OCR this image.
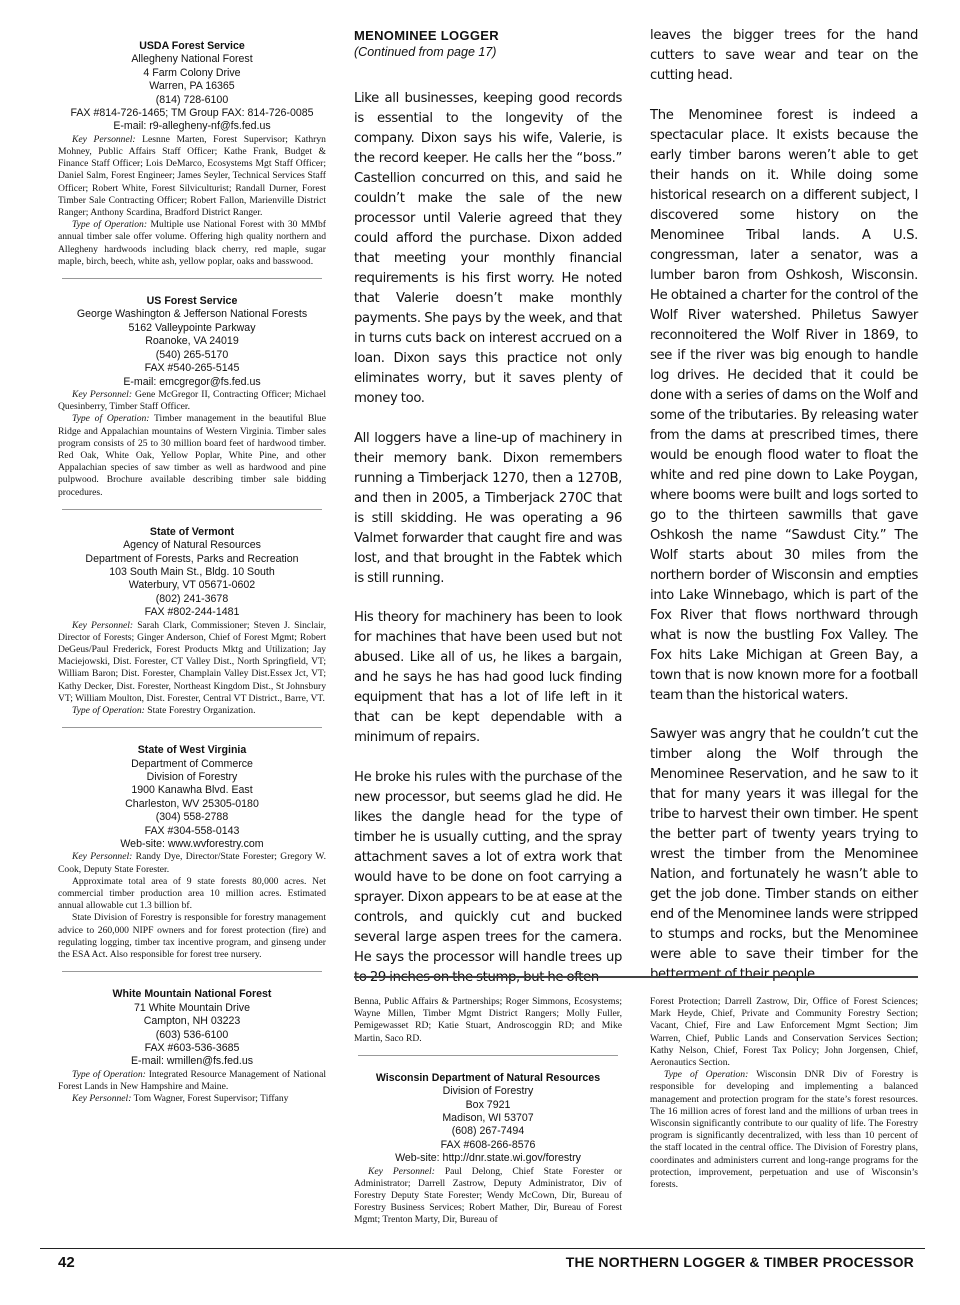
USDA Forest Service
Allegheny National Forest
4 Farm Colony Drive
Warren, PA 16365
(814) 728-6100
FAX #814-726-1465; TM Group FAX: 814-726-0085
E-mail: r9-allegheny-nf@fs.fed.us

Key Personnel: Lesnne Marten, Forest Supervisor; Kathryn Mohney, Public Affairs Staff Officer; Kathe Frank, Budget & Finance Staff Officer; Lois DeMarco, Ecosystems Mgt Staff Officer; Daniel Salm, Forest Engineer; James Seyler, Technical Services Staff Officer; Robert White, Forest Silviculturist; Randall Durner, Forest Timber Sale Contracting Officer; Robert Fallon, Marienville District Ranger; Anthony Scardina, Bradford District Ranger.

Type of Operation: Multiple use National Forest with 30 MMbf annual timber sale offer volume. Offering high quality northern and Allegheny hardwoods including black cherry, red maple, sugar maple, birch, beech, white ash, yellow poplar, oaks and basswood.

US Forest Service
George Washington & Jefferson National Forests
5162 Valleypointe Parkway
Roanoke, VA 24019
(540) 265-5170
FAX #540-265-5145
E-mail: emcgregor@fs.fed.us

Key Personnel: Gene McGregor II, Contracting Officer; Michael Quesinberry, Timber Staff Officer.

Type of Operation: Timber management in the beautiful Blue Ridge and Appalachian mountains of Western Virginia. Timber sales program consists of 25 to 30 million board feet of hardwood timber. Red Oak, White Oak, Yellow Poplar, White Pine, and other Appalachian species of saw timber as well as hardwood and pine pulpwood. Brochure available describing timber sale bidding procedures.

State of Vermont
Agency of Natural Resources
Department of Forests, Parks and Recreation
103 South Main St., Bldg. 10 South
Waterbury, VT 05671-0602
(802) 241-3678
FAX #802-244-1481

Key Personnel: Sarah Clark, Commissioner; Steven J. Sinclair, Director of Forests; Ginger Anderson, Chief of Forest Mgmt; Robert DeGeus/Paul Frederick, Forest Products Mktg and Utilization; Jay Maciejowski, Dist. Forester, CT Valley Dist., North Springfield, VT; William Baron; Dist. Forester, Champlain Valley Dist.Essex Jct, VT; Kathy Decker, Dist. Forester, Northeast Kingdom Dist., St Johnsbury VT; William Moulton, Dist. Forester, Central VT District., Barre, VT.

Type of Operation: State Forestry Organization.

State of West Virginia
Department of Commerce
Division of Forestry
1900 Kanawha Blvd. East
Charleston, WV 25305-0180
(304) 558-2788
FAX #304-558-0143
Web-site: www.wvforestry.com

Key Personnel: Randy Dye, Director/State Forester; Gregory W. Cook, Deputy State Forester.

Approximate total area of 9 state forests 80,000 acres. Net commercial timber production area 10 million acres. Estimated annual allowable cut 1.3 billion bf.

State Division of Forestry is responsible for forestry management advice to 260,000 NIPF owners and for forest protection (fire) and regulating logging, timber tax incentive program, and ginseng under the ESA Act. Also responsible for forest tree nursery.

White Mountain National Forest
71 White Mountain Drive
Campton, NH 03223
(603) 536-6100
FAX #603-536-3685
E-mail: wmillen@fs.fed.us

Type of Operation: Integrated Resource Management of National Forest Lands in New Hampshire and Maine.

Key Personnel: Tom Wagner, Forest Supervisor; Tiffany

MENOMINEE LOGGER
(Continued from page 17)

Like all businesses, keeping good records is essential to the longevity of the company. Dixon says his wife, Valerie, is the record keeper. He calls her the “boss.” Castellion concurred on this, and said he couldn’t make the sale of the new processor until Valerie agreed that they could afford the purchase. Dixon added that meeting your monthly financial requirements is his first worry. He noted that Valerie doesn’t make monthly payments. She pays by the week, and that in turns cuts back on interest accrued on a loan. Dixon says this practice not only eliminates worry, but it saves plenty of money too.

All loggers have a line-up of machinery in their memory bank. Dixon remembers running a Timberjack 1270, then a 1270B, and then in 2005, a Timberjack 270C that is still skidding. He was operating a 96 Valmet forwarder that caught fire and was lost, and that brought in the Fabtek which is still running.

His theory for machinery has been to look for machines that have been used but not abused. Like all of us, he likes a bargain, and he says he has had good luck finding equipment that has a lot of life left in it that can be kept dependable with a minimum of repairs.

He broke his rules with the purchase of the new processor, but seems glad he did. He likes the dangle head for the type of timber he is usually cutting, and the spray attachment saves a lot of extra work that would have to be done on foot carrying a sprayer. Dixon appears to be at ease at the controls, and quickly cut and bucked several large aspen trees for the camera. He says the processor will handle trees up to 29 inches on the stump, but he often

leaves the bigger trees for the hand cutters to save wear and tear on the cutting head.

The Menominee forest is indeed a spectacular place. It exists because the early timber barons weren’t able to get their hands on it. While doing some historical research on a different subject, I discovered some history on the Menominee Tribal lands. A U.S. congressman, later a senator, was a lumber baron from Oshkosh, Wisconsin. He obtained a charter for the control of the Wolf River watershed. Philetus Sawyer reconnoitered the Wolf River in 1869, to see if the river was big enough to handle log drives. He decided that it could be done with a series of dams on the Wolf and some of the tributaries. By releasing water from the dams at prescribed times, there would be enough flood water to float the white and red pine down to Lake Poygan, where booms were built and logs sorted to go to the thirteen sawmills that gave Oshkosh the name “Sawdust City.” The Wolf starts about 30 miles from the northern border of Wisconsin and empties into Lake Winnebago, which is part of the Fox River that flows northward through what is now the bustling Fox Valley. The Fox hits Lake Michigan at Green Bay, a town that is now known more for a football team than the historical waters.

Sawyer was angry that he couldn’t cut the timber along the Wolf through the Menominee Reservation, and he saw to it that for many years it was illegal for the tribe to harvest their own timber. He spent the better part of twenty years trying to wrest the timber from the Menominee Nation, and fortunately he wasn’t able to get the job done. Timber stands on either end of the Menominee lands were stripped to stumps and rocks, but the Menominee were able to save their timber for the betterment of their people.

Benna, Public Affairs & Partnerships; Roger Simmons, Ecosystems; Wayne Millen, Timber Mgmt District Rangers; Molly Fuller, Pemigewasset RD; Katie Stuart, Androscoggin RD; and Mike Martin, Saco RD.

Wisconsin Department of Natural Resources
Division of Forestry
Box 7921
Madison, WI 53707
(608) 267-7494
FAX #608-266-8576
Web-site: http://dnr.state.wi.gov/forestry

Key Personnel: Paul Delong, Chief State Forester or Administrator; Darrell Zastrow, Deputy Administrator, Div of Forestry Deputy State Forester; Wendy McCown, Dir, Bureau of Forestry Business Services; Robert Mather, Dir, Bureau of Forest Mgmt; Trenton Marty, Dir, Bureau of

Forest Protection; Darrell Zastrow, Dir, Office of Forest Sciences; Mark Heyde, Chief, Private and Community Forestry Section; Vacant, Chief, Fire and Law Enforcement Mgmt Section; Jim Warren, Chief, Public Lands and Conservation Services Section; Kathy Nelson, Chief, Forest Tax Policy; John Jorgensen, Chief, Aeronautics Section.

Type of Operation: Wisconsin DNR Div of Forestry is responsible for developing and implementing a balanced management and protection program for the state’s forest resources. The 16 million acres of forest land and the millions of urban trees in Wisconsin significantly contribute to our quality of life. The Forestry program is significantly decentralized, with less than 10 percent of the staff located in the central office. The Division of Forestry plans, coordinates and administers current and long-range programs for the protection, improvement, perpetuation and use of Wisconsin’s forests.

42	THE NORTHERN LOGGER & TIMBER PROCESSOR
